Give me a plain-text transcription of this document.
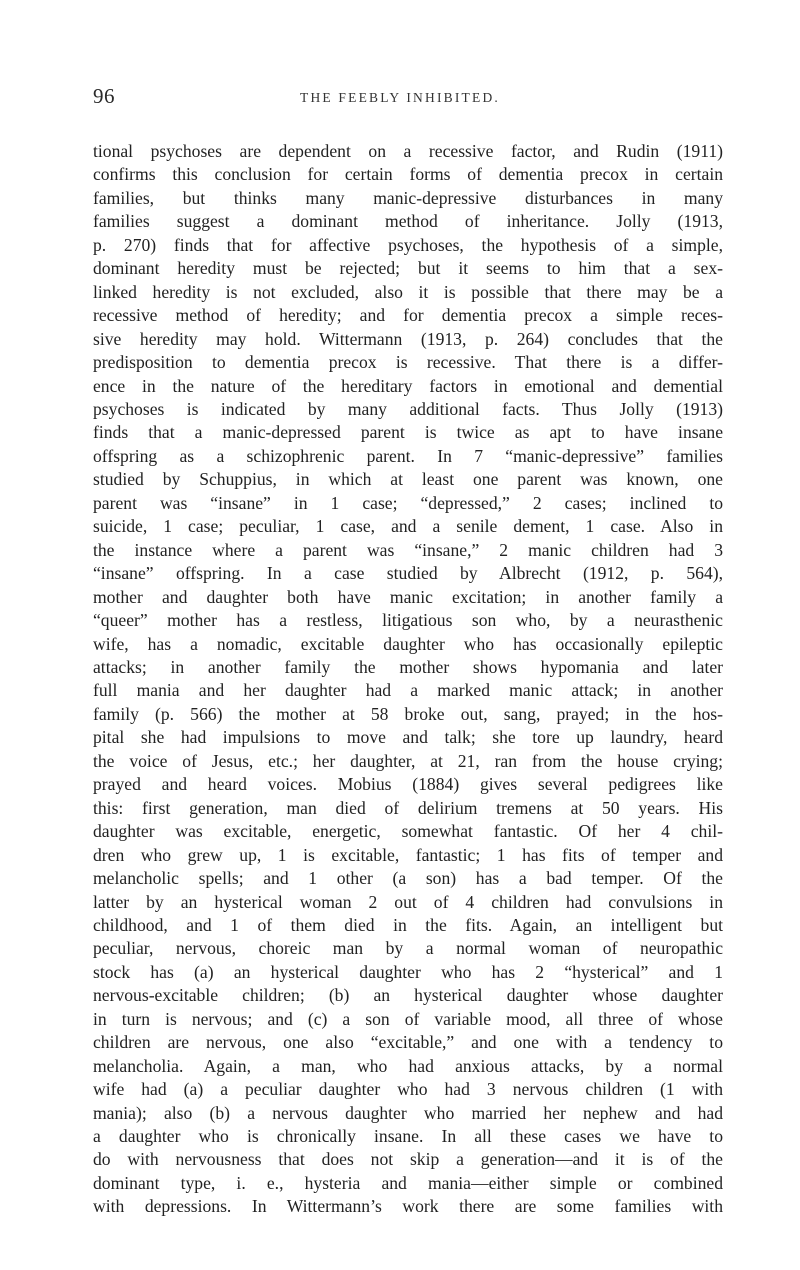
96	THE FEEBLY INHIBITED.
tional psychoses are dependent on a recessive factor, and Rudin (1911)
confirms this conclusion for certain forms of dementia precox in certain
families, but thinks many manic-depressive disturbances in many
families suggest a dominant method of inheritance. Jolly (1913,
p. 270) finds that for affective psychoses, the hypothesis of a simple,
dominant heredity must be rejected; but it seems to him that a sex-
linked heredity is not excluded, also it is possible that there may be a
recessive method of heredity; and for dementia precox a simple reces-
sive heredity may hold. Wittermann (1913, p. 264) concludes that the
predisposition to dementia precox is recessive. That there is a differ-
ence in the nature of the hereditary factors in emotional and demential
psychoses is indicated by many additional facts. Thus Jolly (1913)
finds that a manic-depressed parent is twice as apt to have insane
offspring as a schizophrenic parent. In 7 “manic-depressive” families
studied by Schuppius, in which at least one parent was known, one
parent was “insane” in 1 case; “depressed,” 2 cases; inclined to
suicide, 1 case; peculiar, 1 case, and a senile dement, 1 case. Also in
the instance where a parent was “insane,” 2 manic children had 3
“insane” offspring. In a case studied by Albrecht (1912, p. 564),
mother and daughter both have manic excitation; in another family a
“queer” mother has a restless, litigatious son who, by a neurasthenic
wife, has a nomadic, excitable daughter who has occasionally epileptic
attacks; in another family the mother shows hypomania and later
full mania and her daughter had a marked manic attack; in another
family (p. 566) the mother at 58 broke out, sang, prayed; in the hos-
pital she had impulsions to move and talk; she tore up laundry, heard
the voice of Jesus, etc.; her daughter, at 21, ran from the house crying;
prayed and heard voices. Mobius (1884) gives several pedigrees like
this: first generation, man died of delirium tremens at 50 years. His
daughter was excitable, energetic, somewhat fantastic. Of her 4 chil-
dren who grew up, 1 is excitable, fantastic; 1 has fits of temper and
melancholic spells; and 1 other (a son) has a bad temper. Of the
latter by an hysterical woman 2 out of 4 children had convulsions in
childhood, and 1 of them died in the fits. Again, an intelligent but
peculiar, nervous, choreic man by a normal woman of neuropathic
stock has (a) an hysterical daughter who has 2 “hysterical” and 1
nervous-excitable children; (b) an hysterical daughter whose daughter
in turn is nervous; and (c) a son of variable mood, all three of whose
children are nervous, one also “excitable,” and one with a tendency to
melancholia. Again, a man, who had anxious attacks, by a normal
wife had (a) a peculiar daughter who had 3 nervous children (1 with
mania); also (b) a nervous daughter who married her nephew and had
a daughter who is chronically insane. In all these cases we have to
do with nervousness that does not skip a generation—and it is of the
dominant type, i. e., hysteria and mania—either simple or combined
with depressions. In Wittermann’s work there are some families with
